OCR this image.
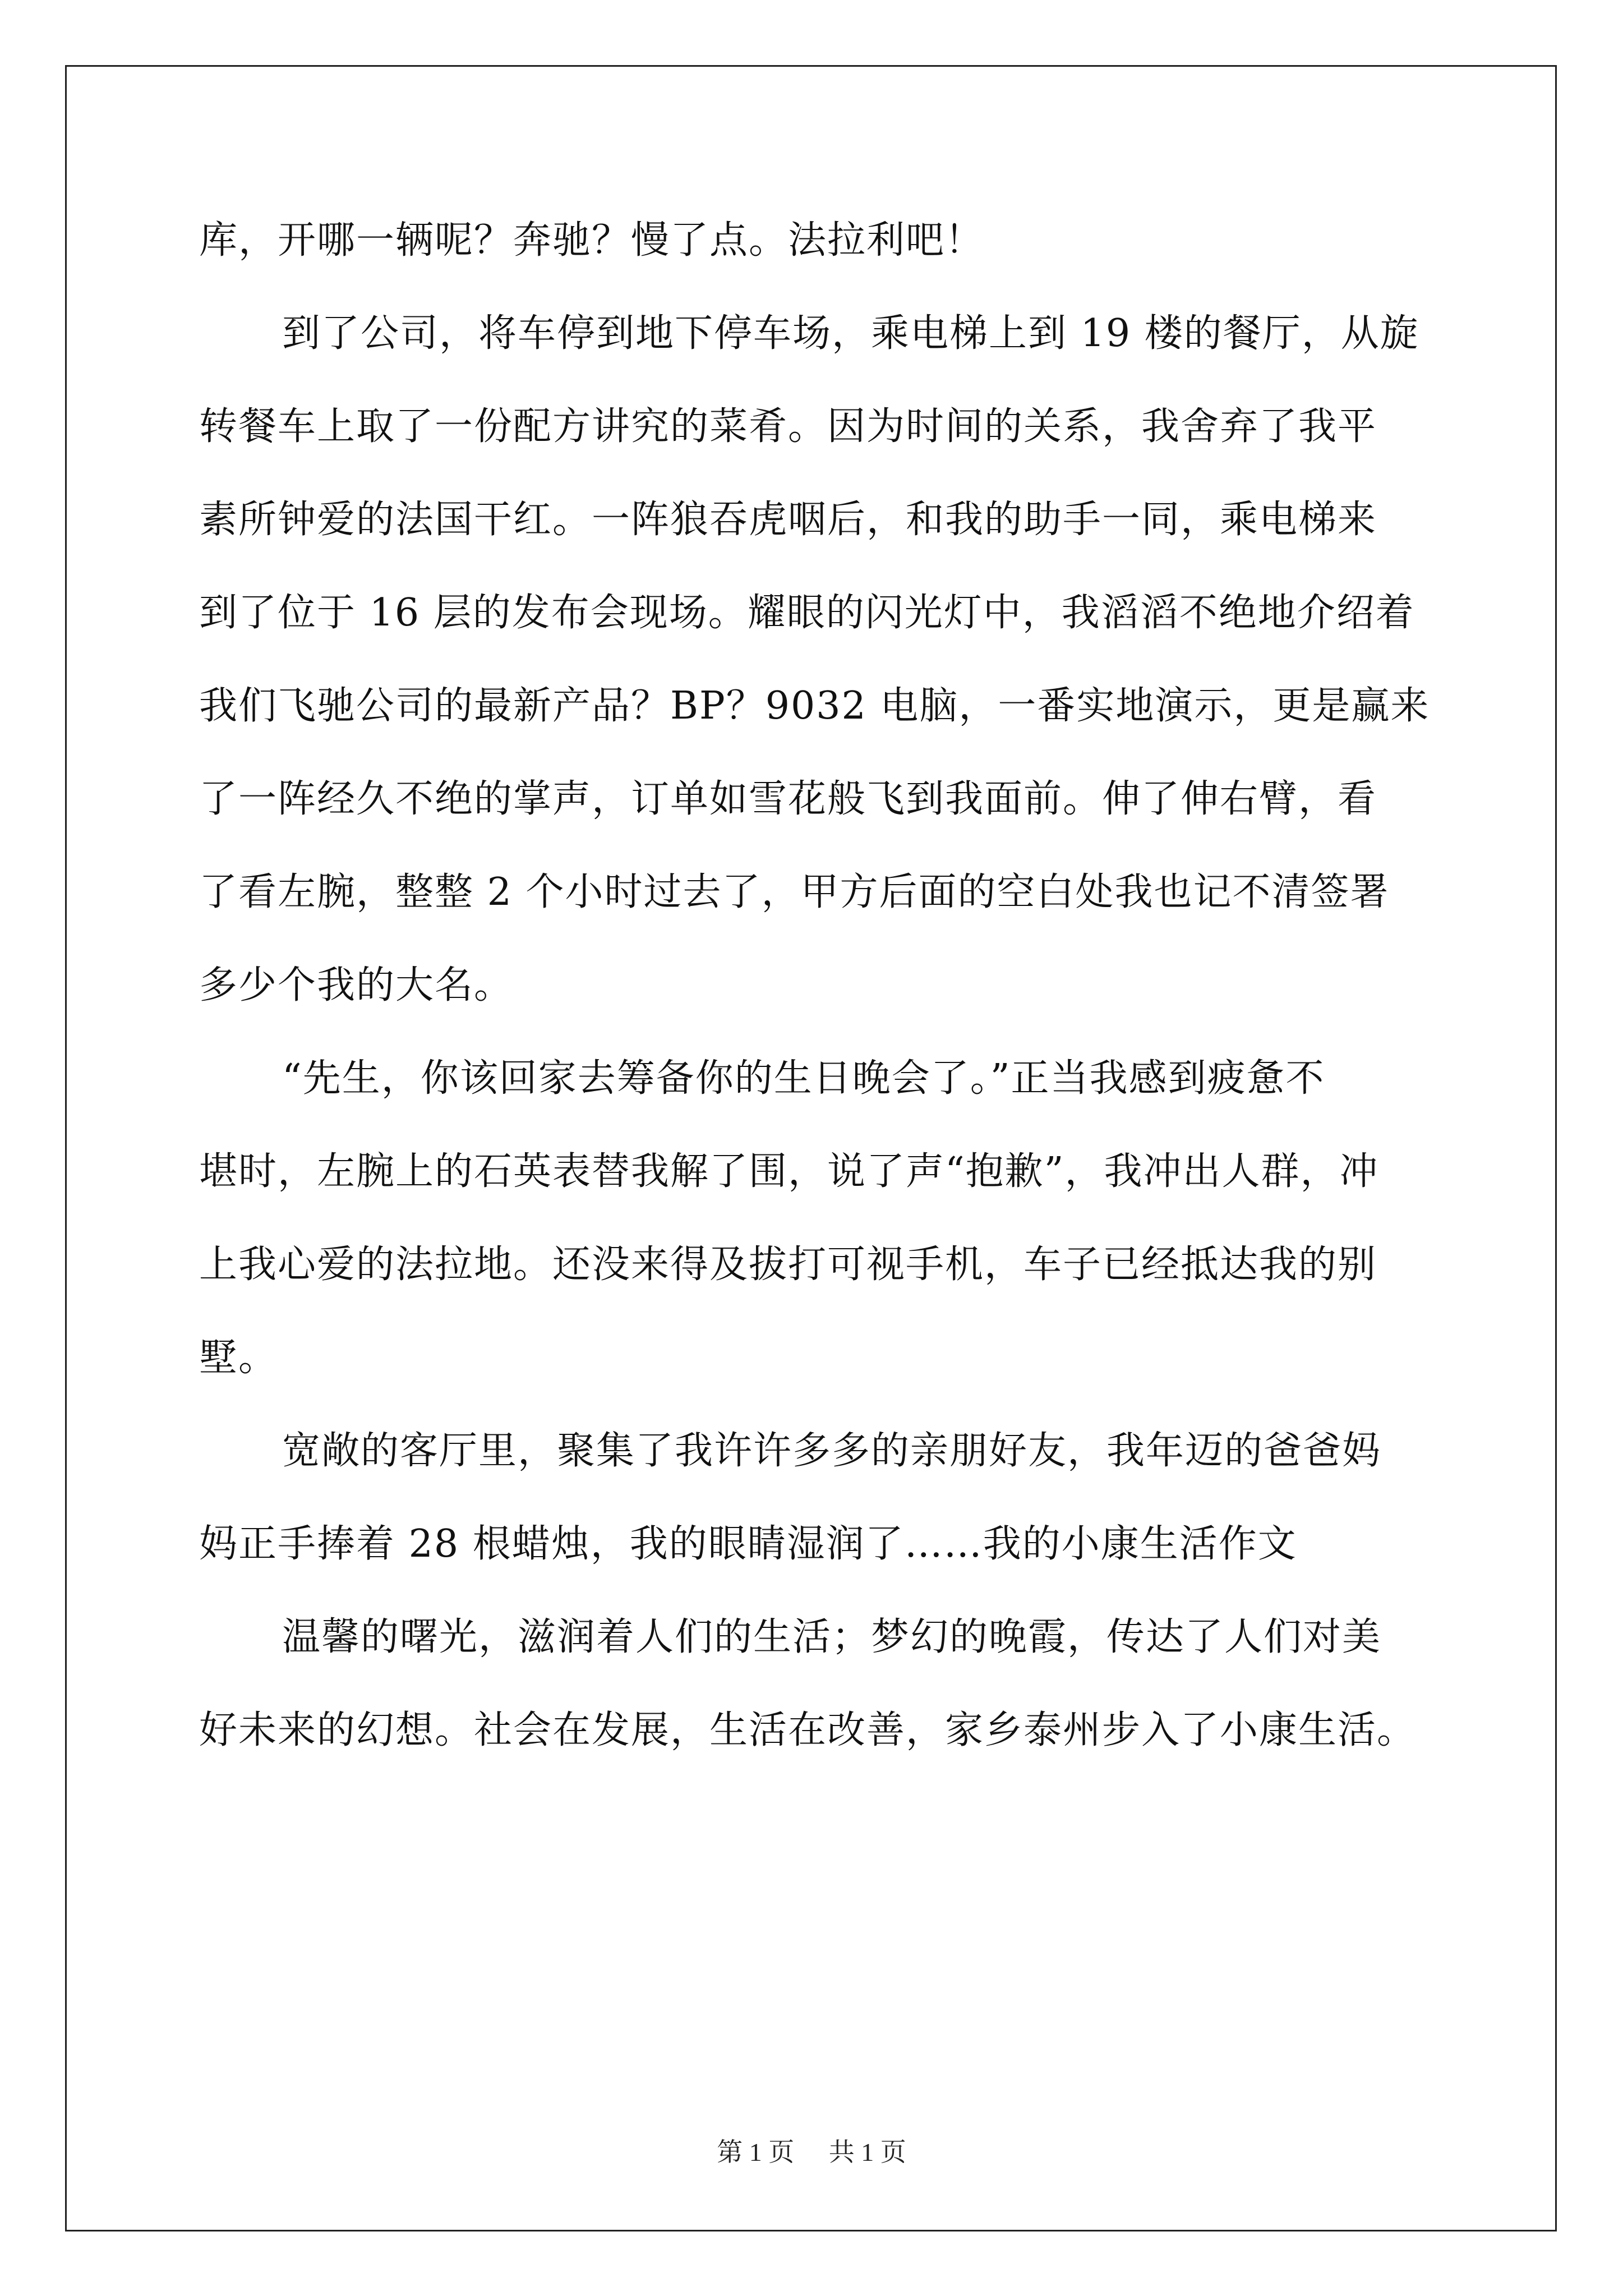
库，开哪一辆呢？奔驰？慢了点。法拉利吧！
到了公司，将车停到地下停车场，乘电梯上到 19 楼的餐厅，从旋
转餐车上取了一份配方讲究的菜肴。因为时间的关系，我舍弃了我平
素所钟爱的法国干红。一阵狼吞虎咽后，和我的助手一同，乘电梯来
到了位于 16 层的发布会现场。耀眼的闪光灯中，我滔滔不绝地介绍着
我们飞驰公司的最新产品？BP？9032 电脑，一番实地演示，更是赢来
了一阵经久不绝的掌声，订单如雪花般飞到我面前。伸了伸右臂，看
了看左腕，整整 2 个小时过去了，甲方后面的空白处我也记不清签署
多少个我的大名。
“先生，你该回家去筹备你的生日晚会了。”正当我感到疲惫不
堪时，左腕上的石英表替我解了围，说了声“抱歉”，我冲出人群，冲
上我心爱的法拉地。还没来得及拔打可视手机，车子已经抵达我的别
墅。
宽敞的客厅里，聚集了我许许多多的亲朋好友，我年迈的爸爸妈
妈正手捧着 28 根蜡烛，我的眼睛湿润了……我的小康生活作文
温馨的曙光，滋润着人们的生活；梦幻的晚霞，传达了人们对美
好未来的幻想。社会在发展，生活在改善，家乡泰州步入了小康生活。
第 1 页 共 1 页
